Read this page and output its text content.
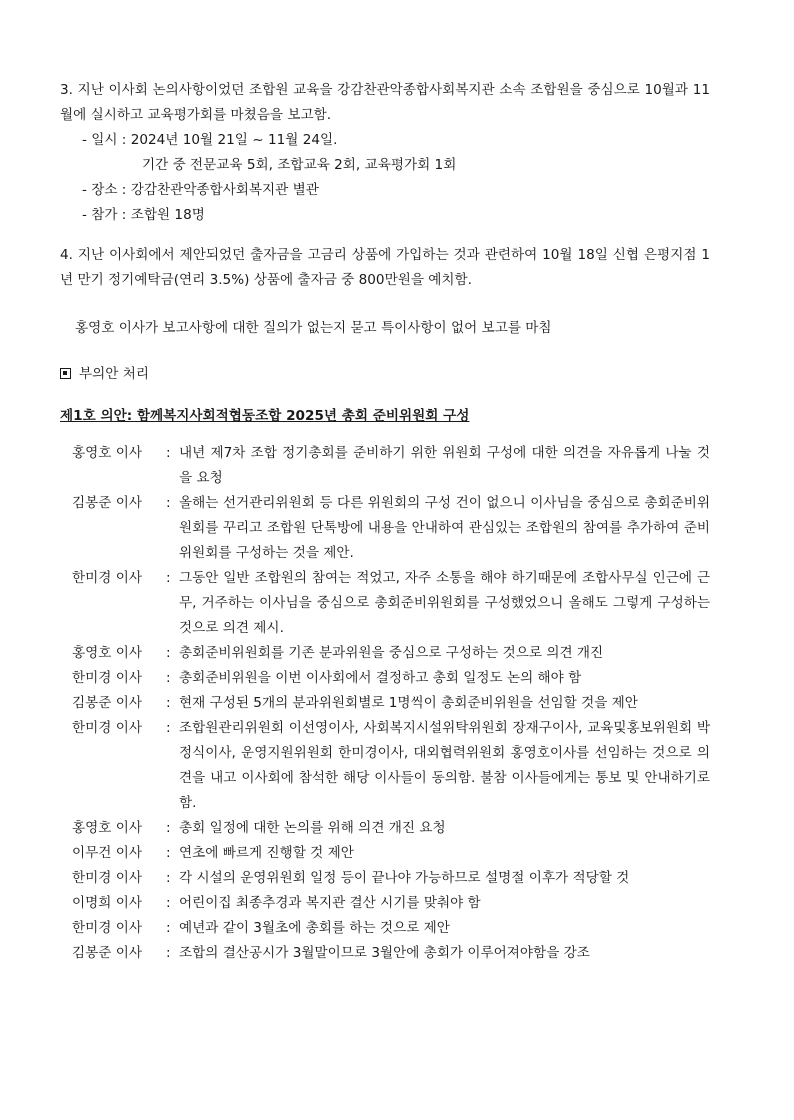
3. 지난 이사회 논의사항이었던 조합원 교육을 강감찬관악종합사회복지관 소속 조합원을 중심으로 10월과 11월에 실시하고 교육평가회를 마쳤음을 보고함.

- 일시 : 2024년 10월 21일 ~ 11월 24일.

기간 중 전문교육 5회, 조합교육 2회, 교육평가회 1회

- 장소 : 강감찬관악종합사회복지관 별관

- 참가 : 조합원 18명

4. 지난 이사회에서 제안되었던 출자금을 고금리 상품에 가입하는 것과 관련하여 10월 18일 신협 은평지점 1년 만기 정기예탁금(연리 3.5%) 상품에 출자금 중 800만원을 예치함.

홍영호 이사가 보고사항에 대한 질의가 없는지 묻고 특이사항이 없어 보고를 마침

부의안 처리

제1호 의안: 함께복지사회적협동조합 2025년 총회 준비위원회 구성

홍영호 이사 : 내년 제7차 조합 정기총회를 준비하기 위한 위원회 구성에 대한 의견을 자유롭게 나눌 것을 요청
김봉준 이사 : 올해는 선거관리위원회 등 다른 위원회의 구성 건이 없으니 이사님을 중심으로 총회준비위원회를 꾸리고 조합원 단톡방에 내용을 안내하여 관심있는 조합원의 참여를 추가하여 준비위원회를 구성하는 것을 제안.
한미경 이사 : 그동안 일반 조합원의 참여는 적었고, 자주 소통을 해야 하기때문에 조합사무실 인근에 근무, 거주하는 이사님을 중심으로 총회준비위원회를 구성했었으니 올해도 그렇게 구성하는 것으로 의견 제시.
홍영호 이사 : 총회준비위원회를 기존 분과위원을 중심으로 구성하는 것으로 의견 개진
한미경 이사 : 총회준비위원을 이번 이사회에서 결정하고 총회 일정도 논의 해야 함
김봉준 이사 : 현재 구성된 5개의 분과위원회별로 1명씩이 총회준비위원을 선임할 것을 제안
한미경 이사 : 조합원관리위원회 이선영이사, 사회복지시설위탁위원회 장재구이사, 교육및홍보위원회 박정식이사, 운영지원위원회 한미경이사, 대외협력위원회 홍영호이사를 선임하는 것으로 의견을 내고 이사회에 참석한 해당 이사들이 동의함. 불참 이사들에게는 통보 및 안내하기로 함.
홍영호 이사 : 총회 일정에 대한 논의를 위해 의견 개진 요청
이무건 이사 : 연초에 빠르게 진행할 것 제안
한미경 이사 : 각 시설의 운영위원회 일정 등이 끝나야 가능하므로 설명절 이후가 적당할 것
이명희 이사 : 어린이집 최종추경과 복지관 결산 시기를 맞춰야 함
한미경 이사 : 예년과 같이 3월초에 총회를 하는 것으로 제안
김봉준 이사 : 조합의 결산공시가 3월말이므로 3월안에 총회가 이루어져야함을 강조
